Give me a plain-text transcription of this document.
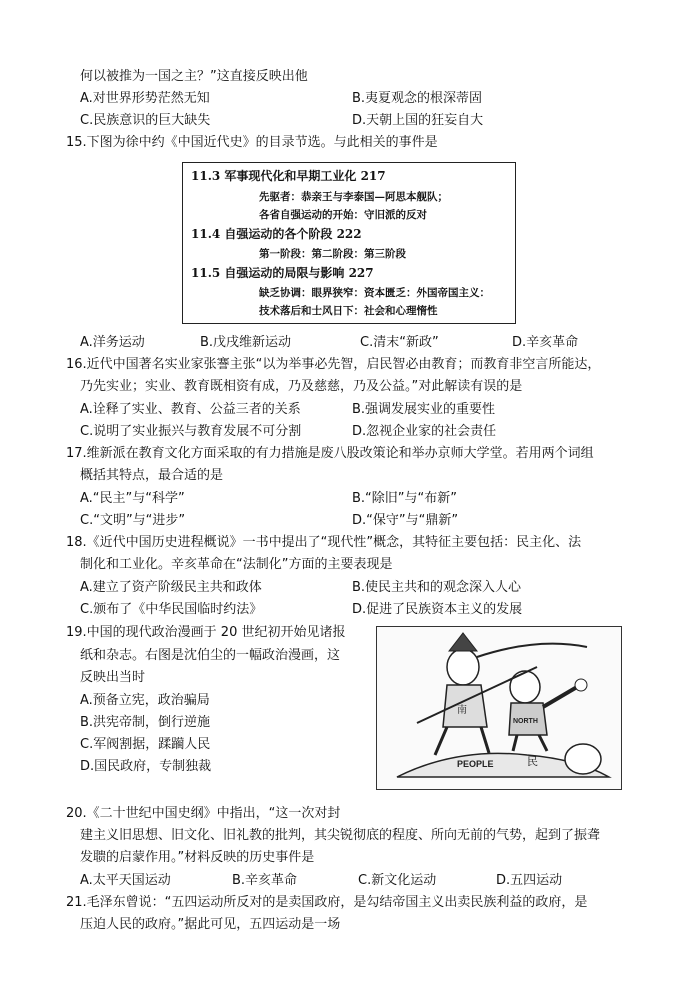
何以被推为一国之主？”这直接反映出他
A.对世界形势茫然无知	B.夷夏观念的根深蒂固
C.民族意识的巨大缺失	D.天朝上国的狂妄自大
15.下图为徐中约《中国近代史》的目录节选。与此相关的事件是
11.3 军事现代化和早期工业化 217
先驱者：恭亲王与李泰国—阿思本舰队；
各省自强运动的开始：守旧派的反对
11.4 自强运动的各个阶段 222
第一阶段：第二阶段：第三阶段
11.5 自强运动的局限与影响 227
缺乏协调：眼界狭窄：资本匮乏：外国帝国主义：
技术落后和士风日下：社会和心理惰性
A.洋务运动	B.戊戌维新运动	C.清末“新政”	D.辛亥革命
16.近代中国著名实业家张謇主张“以为举事必先智，启民智必由教育；而教育非空言所能达，
乃先实业；实业、教育既相资有成，乃及慈慈，乃及公益。”对此解读有误的是
A.诠释了实业、教育、公益三者的关系	B.强调发展实业的重要性
C.说明了实业振兴与教育发展不可分割	D.忽视企业家的社会责任
17.维新派在教育文化方面采取的有力措施是废八股改策论和举办京师大学堂。若用两个词组
概括其特点，最合适的是
A.“民主”与“科学”	B.“除旧”与“布新”
C.“文明”与“进步”	D.“保守”与“鼎新”
18.《近代中国历史进程概说》一书中提出了“现代性”概念，其特征主要包括：民主化、法
制化和工业化。辛亥革命在“法制化”方面的主要表现是
A.建立了资产阶级民主共和政体	B.使民主共和的观念深入人心
C.颁布了《中华民国临时约法》	D.促进了民族资本主义的发展
19.中国的现代政治漫画于 20 世纪初开始见诸报
纸和杂志。右图是沈伯尘的一幅政治漫画，这
反映出当时
A.预备立宪，政治骗局
B.洪宪帝制，倒行逆施
C.军阀割据，蹂躏人民
D.国民政府，专制独裁	PEOPLE	民
南
NORTH
20.《二十世纪中国史纲》中指出，“这一次对封
建主义旧思想、旧文化、旧礼教的批判，其尖锐彻底的程度、所向无前的气势，起到了振聋
发聩的启蒙作用。”材料反映的历史事件是
A.太平天国运动	B.辛亥革命	C.新文化运动	D.五四运动
21.毛泽东曾说：“五四运动所反对的是卖国政府，是勾结帝国主义出卖民族利益的政府，是
压迫人民的政府。”据此可见，五四运动是一场
